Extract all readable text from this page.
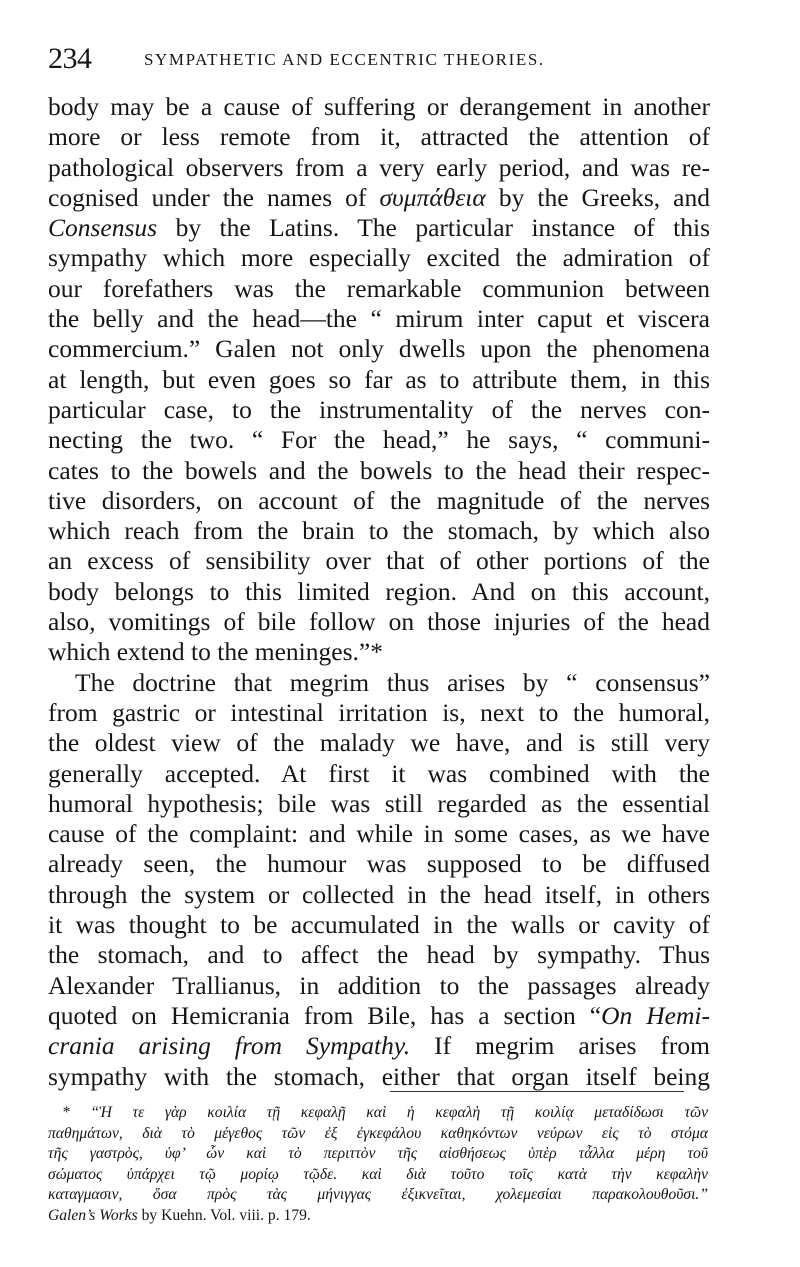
234	SYMPATHETIC AND ECCENTRIC THEORIES.
body may be a cause of suffering or derangement in another
more or less remote from it, attracted the attention of
pathological observers from a very early period, and was re-
cognised under the names of συμπάθεια by the Greeks, and
Consensus by the Latins. The particular instance of this
sympathy which more especially excited the admiration of
our forefathers was the remarkable communion between
the belly and the head—the “ mirum inter caput et viscera
commercium.” Galen not only dwells upon the phenomena
at length, but even goes so far as to attribute them, in this
particular case, to the instrumentality of the nerves con-
necting the two. “ For the head,” he says, “ communi-
cates to the bowels and the bowels to the head their respec-
tive disorders, on account of the magnitude of the nerves
which reach from the brain to the stomach, by which also
an excess of sensibility over that of other portions of the
body belongs to this limited region. And on this account,
also, vomitings of bile follow on those injuries of the head
which extend to the meninges.”*
The doctrine that megrim thus arises by “ consensus”
from gastric or intestinal irritation is, next to the humoral,
the oldest view of the malady we have, and is still very
generally accepted. At first it was combined with the
humoral hypothesis; bile was still regarded as the essential
cause of the complaint: and while in some cases, as we have
already seen, the humour was supposed to be diffused
through the system or collected in the head itself, in others
it was thought to be accumulated in the walls or cavity of
the stomach, and to affect the head by sympathy. Thus
Alexander Trallianus, in addition to the passages already
quoted on Hemicrania from Bile, has a section “On Hemi-
crania arising from Sympathy. If megrim arises from
sympathy with the stomach, either that organ itself being
* “Ἡ τε γὰρ κοιλία τῇ κεφαλῇ καὶ ἡ κεφαλὴ τῇ κοιλίᾳ μεταδίδωσι τῶν
παθημάτων, διὰ τὸ μέγεθος τῶν ἐξ ἐγκεφάλου καθηκόντων νεύρων εἰς τὸ στόμα
τῆς γαστρὸς, ὑφ’ ὧν καὶ τὸ περιττὸν τῆς αἰσθήσεως ὑπὲρ τἆλλα μέρη τοῦ
σώματος ὑπάρχει τῷ μορίῳ τῷδε. καὶ διὰ τοῦτο τοῖς κατὰ τὴν κεφαλὴν
καταγμασιν, ὅσα πρὸς τὰς μήνιγγας ἐξικνεῖται, χολεμεσίαι παρακολουθοῦσι.”
Galen’s Works by Kuehn. Vol. viii. p. 179.
